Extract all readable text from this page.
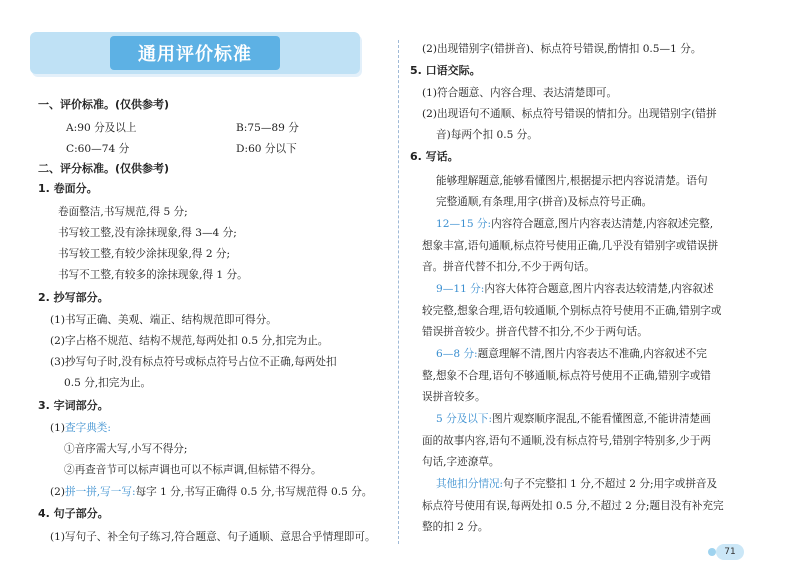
通用评价标准
一、评价标准。(仅供参考)
A:90 分及以上	B:75—89 分
C:60—74 分	D:60 分以下
二、评分标准。(仅供参考)
1. 卷面分。
卷面整洁,书写规范,得 5 分;
书写较工整,没有涂抹现象,得 3—4 分;
书写较工整,有较少涂抹现象,得 2 分;
书写不工整,有较多的涂抹现象,得 1 分。
2. 抄写部分。
(1)书写正确、美观、端正、结构规范即可得分。
(2)字占格不规范、结构不规范,每两处扣 0.5 分,扣完为止。
(3)抄写句子时,没有标点符号或标点符号占位不正确,每两处扣
0.5 分,扣完为止。
3. 字词部分。
(1)查字典类:
①音序需大写,小写不得分;
②再查音节可以标声调也可以不标声调,但标错不得分。
(2)拼一拼,写一写:每字 1 分,书写正确得 0.5 分,书写规范得 0.5 分。
4. 句子部分。
(1)写句子、补全句子练习,符合题意、句子通顺、意思合乎情理即可。
(2)出现错别字(错拼音)、标点符号错误,酌情扣 0.5—1 分。
5. 口语交际。
(1)符合题意、内容合理、表达清楚即可。
(2)出现语句不通顺、标点符号错误的情扣分。出现错别字(错拼
音)每两个扣 0.5 分。
6. 写话。
能够理解题意,能够看懂图片,根据提示把内容说清楚。语句
完整通顺,有条理,用字(拼音)及标点符号正确。
12—15 分:内容符合题意,图片内容表达清楚,内容叙述完整,
想象丰富,语句通顺,标点符号使用正确,几乎没有错别字或错误拼
音。拼音代替不扣分,不少于两句话。
9—11 分:内容大体符合题意,图片内容表达较清楚,内容叙述
较完整,想象合理,语句较通顺,个别标点符号使用不正确,错别字或
错误拼音较少。拼音代替不扣分,不少于两句话。
6—8 分:题意理解不清,图片内容表达不准确,内容叙述不完
整,想象不合理,语句不够通顺,标点符号使用不正确,错别字或错
误拼音较多。
5 分及以下:图片观察顺序混乱,不能看懂图意,不能讲清楚画
面的故事内容,语句不通顺,没有标点符号,错别字特别多,少于两
句话,字迹潦草。
其他扣分情况:句子不完整扣 1 分,不超过 2 分;用字或拼音及
标点符号使用有误,每两处扣 0.5 分,不超过 2 分;题目没有补充完
整的扣 2 分。
71
